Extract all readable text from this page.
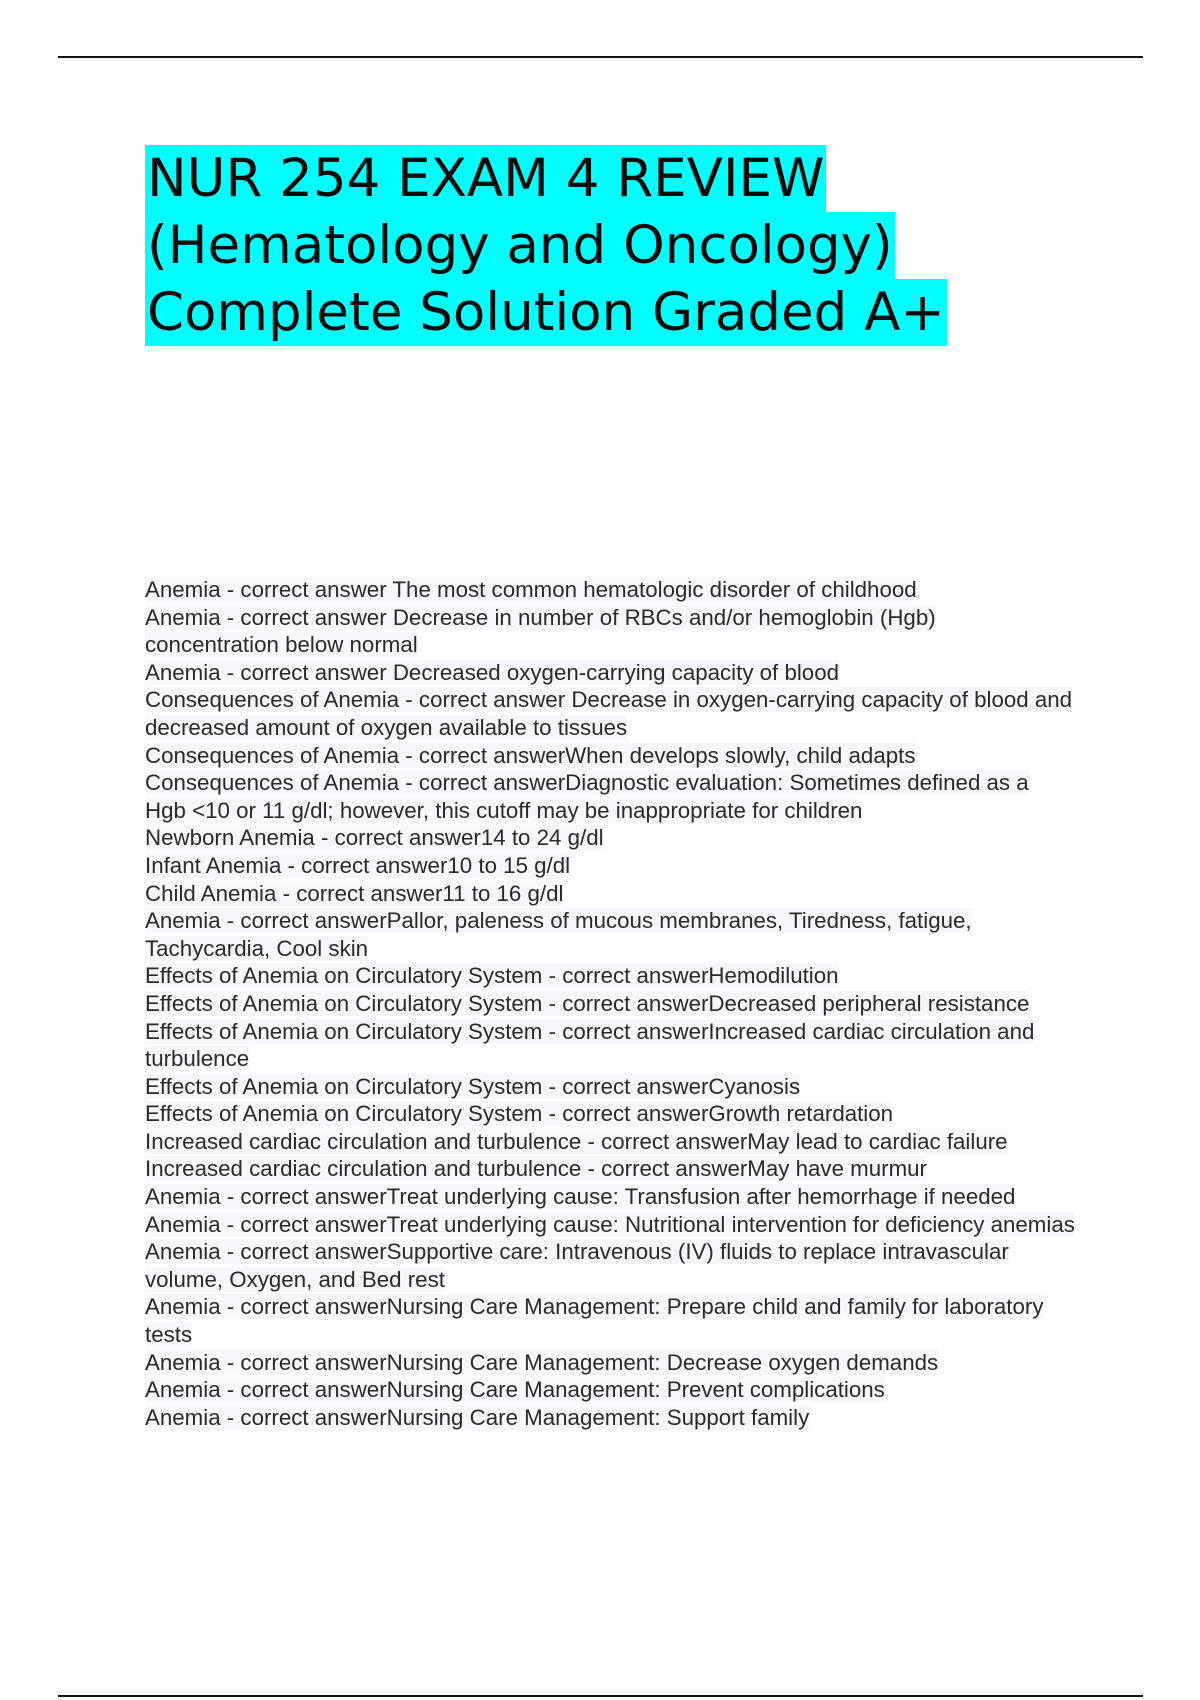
NUR 254 EXAM 4 REVIEW
(Hematology and Oncology)
Complete Solution Graded A+
Anemia - correct answer The most common hematologic disorder of childhood
Anemia - correct answer Decrease in number of RBCs and/or hemoglobin (Hgb) concentration below normal
Anemia - correct answer Decreased oxygen-carrying capacity of blood
Consequences of Anemia - correct answer Decrease in oxygen-carrying capacity of blood and decreased amount of oxygen available to tissues
Consequences of Anemia - correct answerWhen develops slowly, child adapts
Consequences of Anemia - correct answerDiagnostic evaluation: Sometimes defined as a Hgb <10 or 11 g/dl; however, this cutoff may be inappropriate for children
Newborn Anemia - correct answer14 to 24 g/dl
Infant Anemia - correct answer10 to 15 g/dl
Child Anemia - correct answer11 to 16 g/dl
Anemia - correct answerPallor, paleness of mucous membranes, Tiredness, fatigue, Tachycardia, Cool skin
Effects of Anemia on Circulatory System - correct answerHemodilution
Effects of Anemia on Circulatory System - correct answerDecreased peripheral resistance
Effects of Anemia on Circulatory System - correct answerIncreased cardiac circulation and turbulence
Effects of Anemia on Circulatory System - correct answerCyanosis
Effects of Anemia on Circulatory System - correct answerGrowth retardation
Increased cardiac circulation and turbulence - correct answerMay lead to cardiac failure
Increased cardiac circulation and turbulence - correct answerMay have murmur
Anemia - correct answerTreat underlying cause: Transfusion after hemorrhage if needed
Anemia - correct answerTreat underlying cause: Nutritional intervention for deficiency anemias
Anemia - correct answerSupportive care: Intravenous (IV) fluids to replace intravascular volume, Oxygen, and Bed rest
Anemia - correct answerNursing Care Management: Prepare child and family for laboratory tests
Anemia - correct answerNursing Care Management: Decrease oxygen demands
Anemia - correct answerNursing Care Management: Prevent complications
Anemia - correct answerNursing Care Management: Support family
